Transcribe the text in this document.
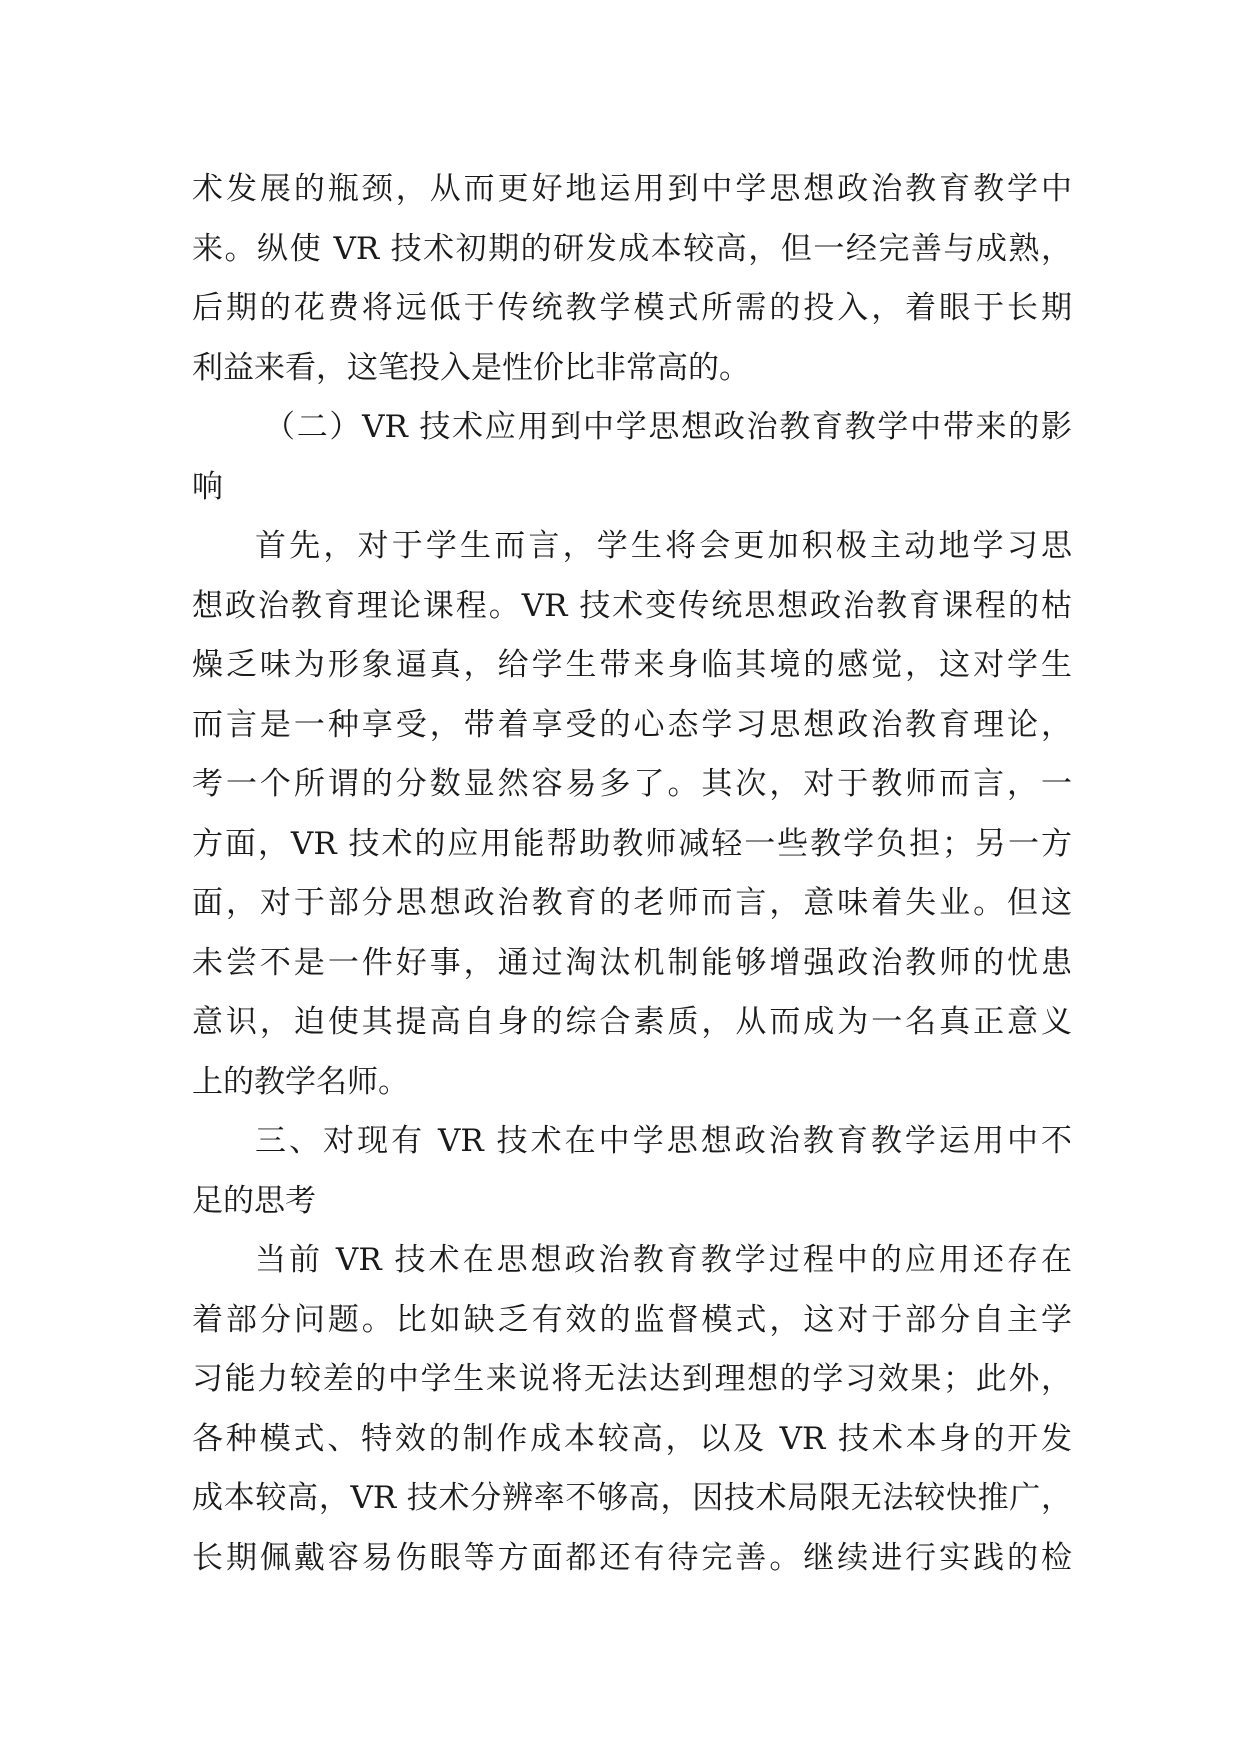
术发展的瓶颈，从而更好地运用到中学思想政治教育教学中
来。纵使 VR 技术初期的研发成本较高，但一经完善与成熟，
后期的花费将远低于传统教学模式所需的投入，着眼于长期
利益来看，这笔投入是性价比非常高的。
（二）VR 技术应用到中学思想政治教育教学中带来的影
响
首先，对于学生而言，学生将会更加积极主动地学习思
想政治教育理论课程。VR 技术变传统思想政治教育课程的枯
燥乏味为形象逼真，给学生带来身临其境的感觉，这对学生
而言是一种享受，带着享受的心态学习思想政治教育理论，
考一个所谓的分数显然容易多了。其次，对于教师而言，一
方面，VR 技术的应用能帮助教师减轻一些教学负担；另一方
面，对于部分思想政治教育的老师而言，意味着失业。但这
未尝不是一件好事，通过淘汰机制能够增强政治教师的忧患
意识，迫使其提高自身的综合素质，从而成为一名真正意义
上的教学名师。
三、对现有 VR 技术在中学思想政治教育教学运用中不
足的思考
当前 VR 技术在思想政治教育教学过程中的应用还存在
着部分问题。比如缺乏有效的监督模式，这对于部分自主学
习能力较差的中学生来说将无法达到理想的学习效果；此外，
各种模式、特效的制作成本较高，以及 VR 技术本身的开发
成本较高，VR 技术分辨率不够高，因技术局限无法较快推广，
长期佩戴容易伤眼等方面都还有待完善。继续进行实践的检
